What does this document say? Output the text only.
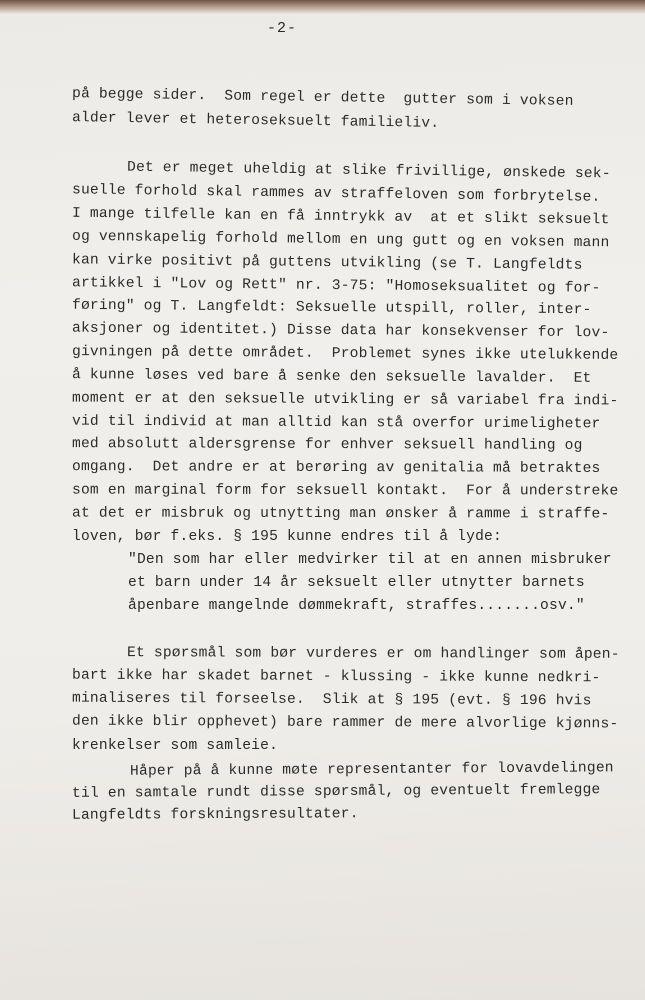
-2-
på begge sider.  Som regel er dette  gutter som i voksen
alder lever et heteroseksuelt familieliv.
Det er meget uheldig at slike frivillige, ønskede sek-
suelle forhold skal rammes av straffeloven som forbrytelse.
I mange tilfelle kan en få inntrykk av  at et slikt seksuelt
og vennskapelig forhold mellom en ung gutt og en voksen mann
kan virke positivt på guttens utvikling (se T. Langfeldts
artikkel i "Lov og Rett" nr. 3-75: "Homoseksualitet og for-
føring" og T. Langfeldt: Seksuelle utspill, roller, inter-
aksjoner og identitet.) Disse data har konsekvenser for lov-
givningen på dette området.  Problemet synes ikke utelukkende
å kunne løses ved bare å senke den seksuelle lavalder.  Et
moment er at den seksuelle utvikling er så variabel fra indi-
vid til individ at man alltid kan stå overfor urimeligheter
med absolutt aldersgrense for enhver seksuell handling og
omgang.  Det andre er at berøring av genitalia må betraktes
som en marginal form for seksuell kontakt.  For å understreke
at det er misbruk og utnytting man ønsker å ramme i straffe-
loven, bør f.eks. § 195 kunne endres til å lyde:
"Den som har eller medvirker til at en annen misbruker
et barn under 14 år seksuelt eller utnytter barnets
åpenbare mangelnde dømmekraft, straffes.......osv."
Et spørsmål som bør vurderes er om handlinger som åpen-
bart ikke har skadet barnet - klussing - ikke kunne nedkri-
minaliseres til forseelse.  Slik at § 195 (evt. § 196 hvis
den ikke blir opphevet) bare rammer de mere alvorlige kjønns-
krenkelser som samleie.
Håper på å kunne møte representanter for lovavdelingen
til en samtale rundt disse spørsmål, og eventuelt fremlegge
Langfeldts forskningsresultater.
